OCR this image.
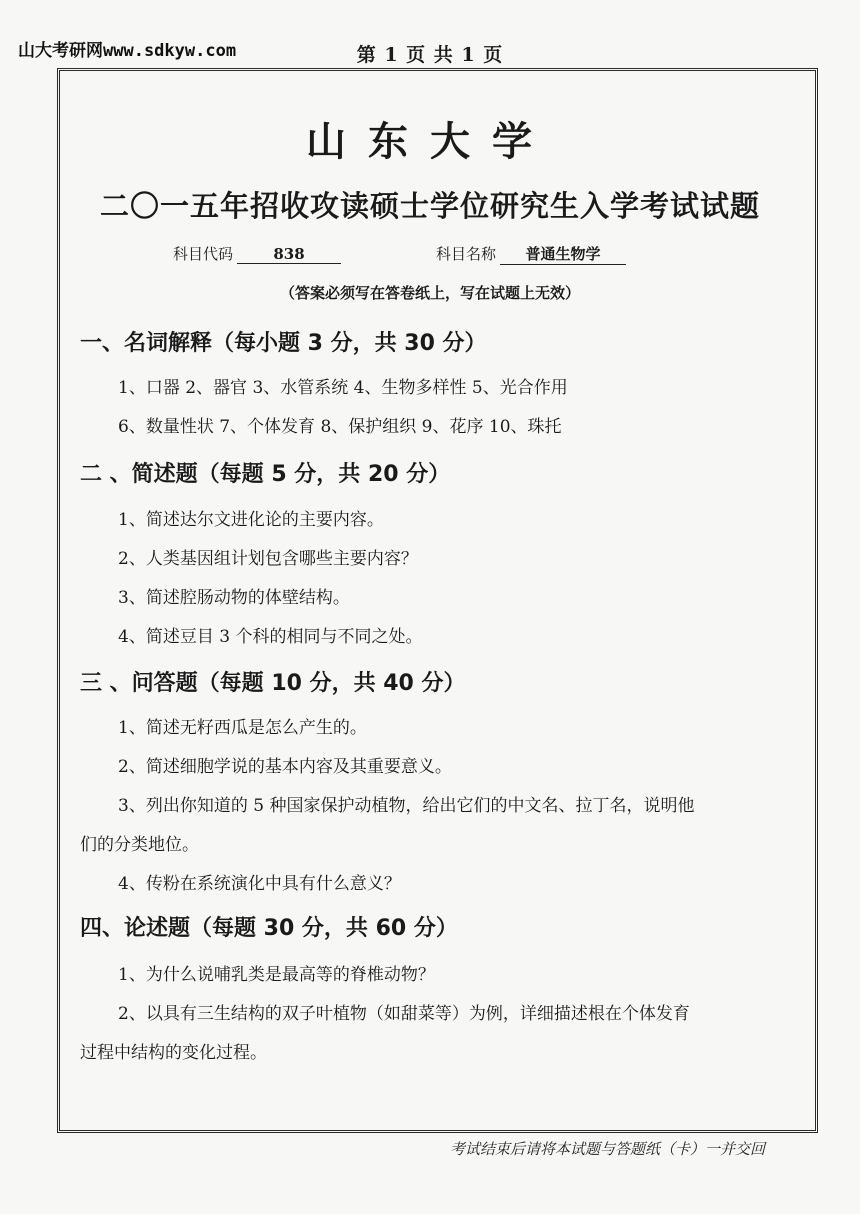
山大考研网www.sdkyw.com	第 1 页 共 1 页
山东大学
二〇一五年招收攻读硕士学位研究生入学考试试题
科目代码	838	科目名称 普通生物学
（答案必须写在答卷纸上，写在试题上无效）
一、名词解释（每小题 3 分，共 30 分）
1、口器 2、器官 3、水管系统 4、生物多样性 5、光合作用
6、数量性状 7、个体发育 8、保护组织 9、花序 10、珠托
二 、简述题（每题 5 分，共 20 分）
1、简述达尔文进化论的主要内容。
2、人类基因组计划包含哪些主要内容？
3、简述腔肠动物的体壁结构。
4、简述豆目 3 个科的相同与不同之处。
三 、问答题（每题 10 分，共 40 分）
1、简述无籽西瓜是怎么产生的。
2、简述细胞学说的基本内容及其重要意义。
3、列出你知道的 5 种国家保护动植物，给出它们的中文名、拉丁名，说明他
们的分类地位。
4、传粉在系统演化中具有什么意义？
四、论述题（每题 30 分，共 60 分）
1、为什么说哺乳类是最高等的脊椎动物？
2、以具有三生结构的双子叶植物（如甜菜等）为例，详细描述根在个体发育
过程中结构的变化过程。
考试结束后请将本试题与答题纸（卡）一并交回
